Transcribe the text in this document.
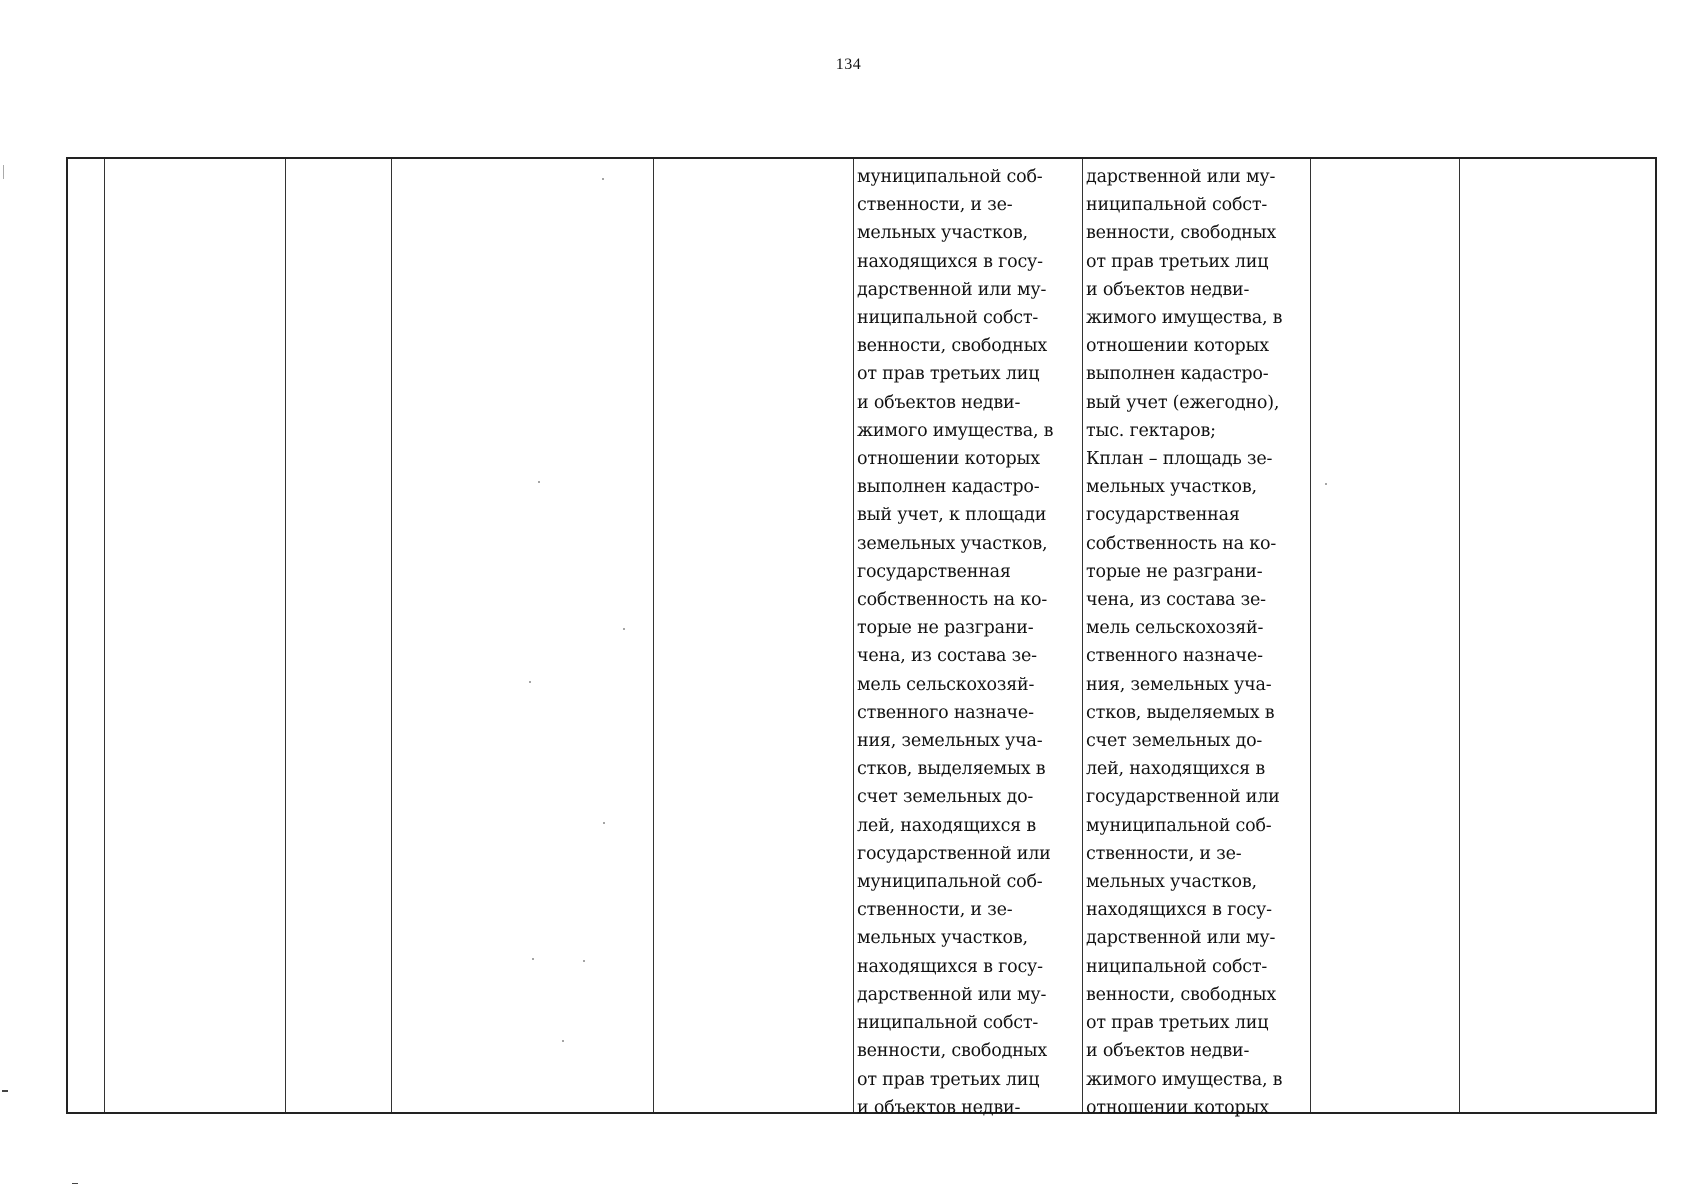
134
муниципальной соб-
ственности, и зе-
мельных участков,
находящихся в госу-
дарственной или му-
ниципальной собст-
венности, свободных
от прав третьих лиц
и объектов недви-
жимого имущества, в
отношении которых
выполнен кадастро-
вый учет, к площади
земельных участков,
государственная
собственность на ко-
торые не разграни-
чена, из состава зе-
мель сельскохозяй-
ственного назначе-
ния, земельных уча-
стков, выделяемых в
счет земельных до-
лей, находящихся в
государственной или
муниципальной соб-
ственности, и зе-
мельных участков,
находящихся в госу-
дарственной или му-
ниципальной собст-
венности, свободных
от прав третьих лиц
и объектов недви-
дарственной или му-
ниципальной собст-
венности, свободных
от прав третьих лиц
и объектов недви-
жимого имущества, в
отношении которых
выполнен кадастро-
вый учет (ежегодно),
тыс. гектаров;
Кплан – площадь зе-
мельных участков,
государственная
собственность на ко-
торые не разграни-
чена, из состава зе-
мель сельскохозяй-
ственного назначе-
ния, земельных уча-
стков, выделяемых в
счет земельных до-
лей, находящихся в
государственной или
муниципальной соб-
ственности, и зе-
мельных участков,
находящихся в госу-
дарственной или му-
ниципальной собст-
венности, свободных
от прав третьих лиц
и объектов недви-
жимого имущества, в
отношении которых
